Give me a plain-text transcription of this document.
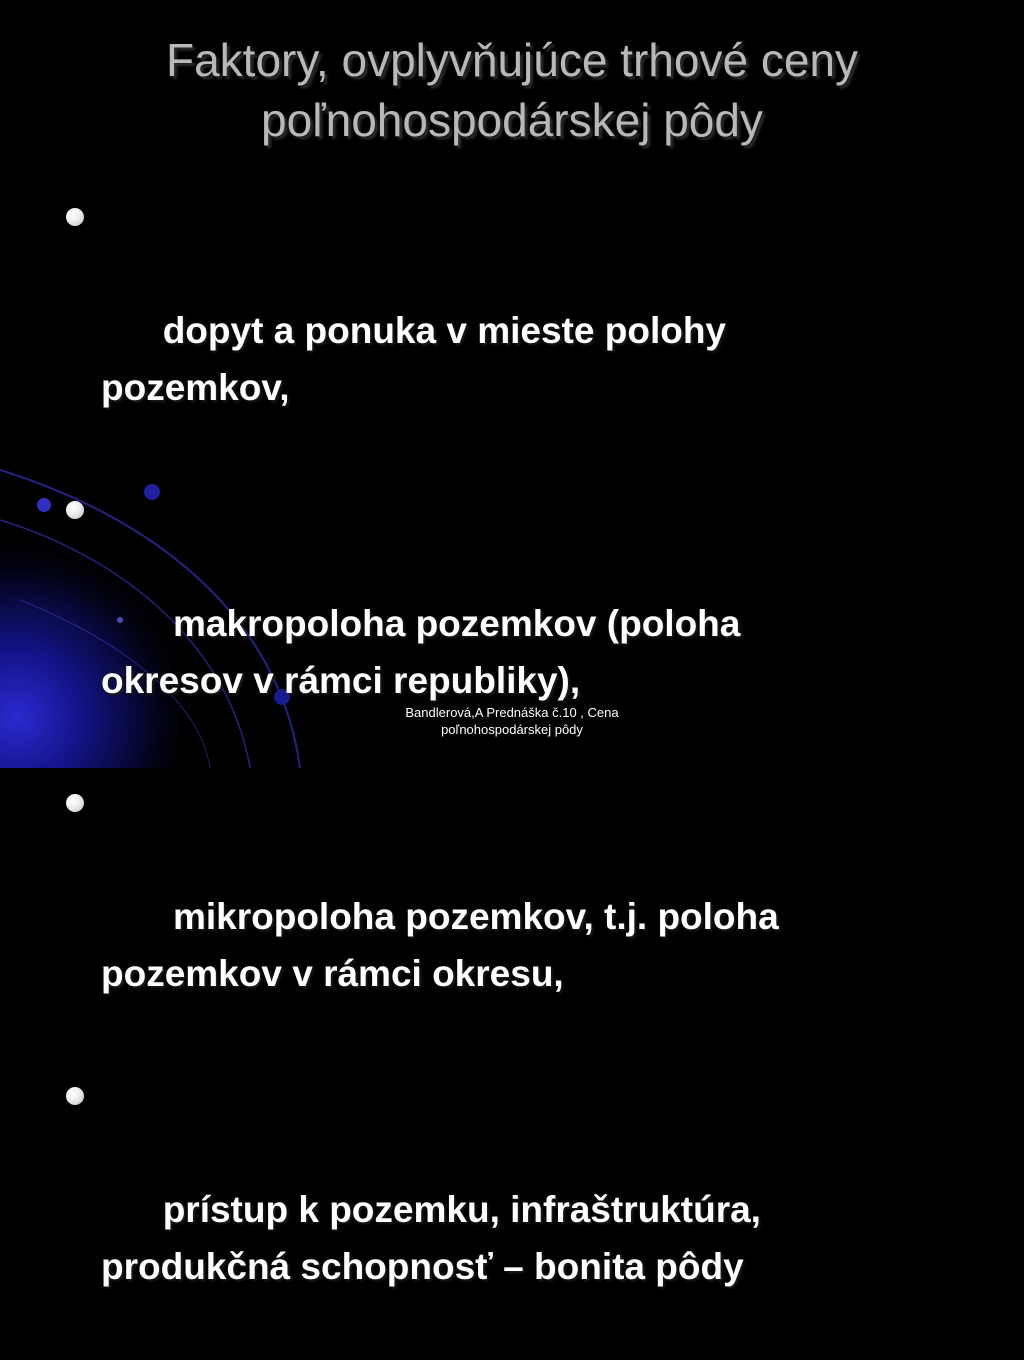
Faktory, ovplyvňujúce trhové ceny
poľnohospodárskej pôdy

dopyt a ponuka v mieste polohy
pozemkov,

makropoloha pozemkov (poloha
okresov v rámci republiky),

mikropoloha pozemkov, t.j. poloha
pozemkov v rámci okresu,

prístup k pozemku, infraštruktúra,
produkčná schopnosť – bonita pôdy

Bandlerová,A Prednáška č.10 , Cena
poľnohospodárskej pôdy
